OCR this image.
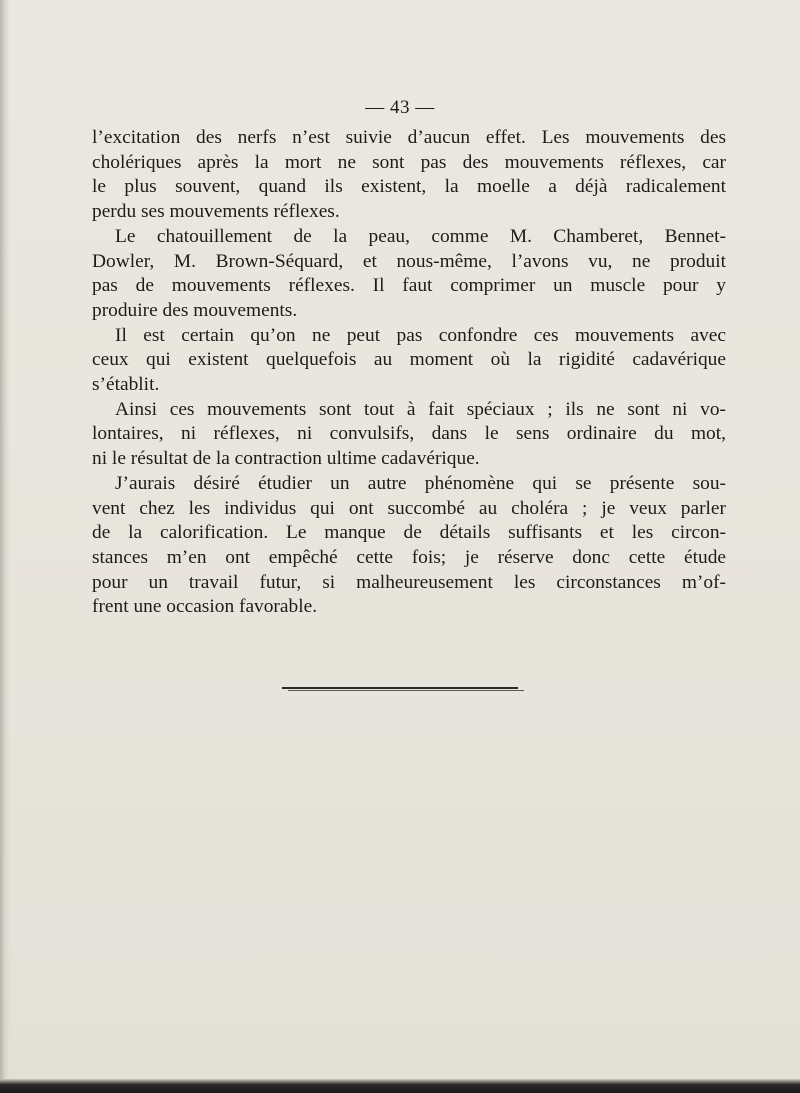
— 43 —

l’excitation des nerfs n’est suivie d’aucun effet. Les mouvements des

cholériques après la mort ne sont pas des mouvements réflexes, car

le plus souvent, quand ils existent, la moelle a déjà radicalement

perdu ses mouvements réflexes.

Le chatouillement de la peau, comme M. Chamberet, Bennet-

Dowler, M. Brown-Séquard, et nous-même, l’avons vu, ne produit

pas de mouvements réflexes. Il faut comprimer un muscle pour y

produire des mouvements.

Il est certain qu’on ne peut pas confondre ces mouvements avec

ceux qui existent quelquefois au moment où la rigidité cadavérique

s’établit.

Ainsi ces mouvements sont tout à fait spéciaux ; ils ne sont ni vo-

lontaires, ni réflexes, ni convulsifs, dans le sens ordinaire du mot,

ni le résultat de la contraction ultime cadavérique.

J’aurais désiré étudier un autre phénomène qui se présente sou-

vent chez les individus qui ont succombé au choléra ; je veux parler

de la calorification. Le manque de détails suffisants et les circon-

stances m’en ont empêché cette fois; je réserve donc cette étude

pour un travail futur, si malheureusement les circonstances m’of-

frent une occasion favorable.
